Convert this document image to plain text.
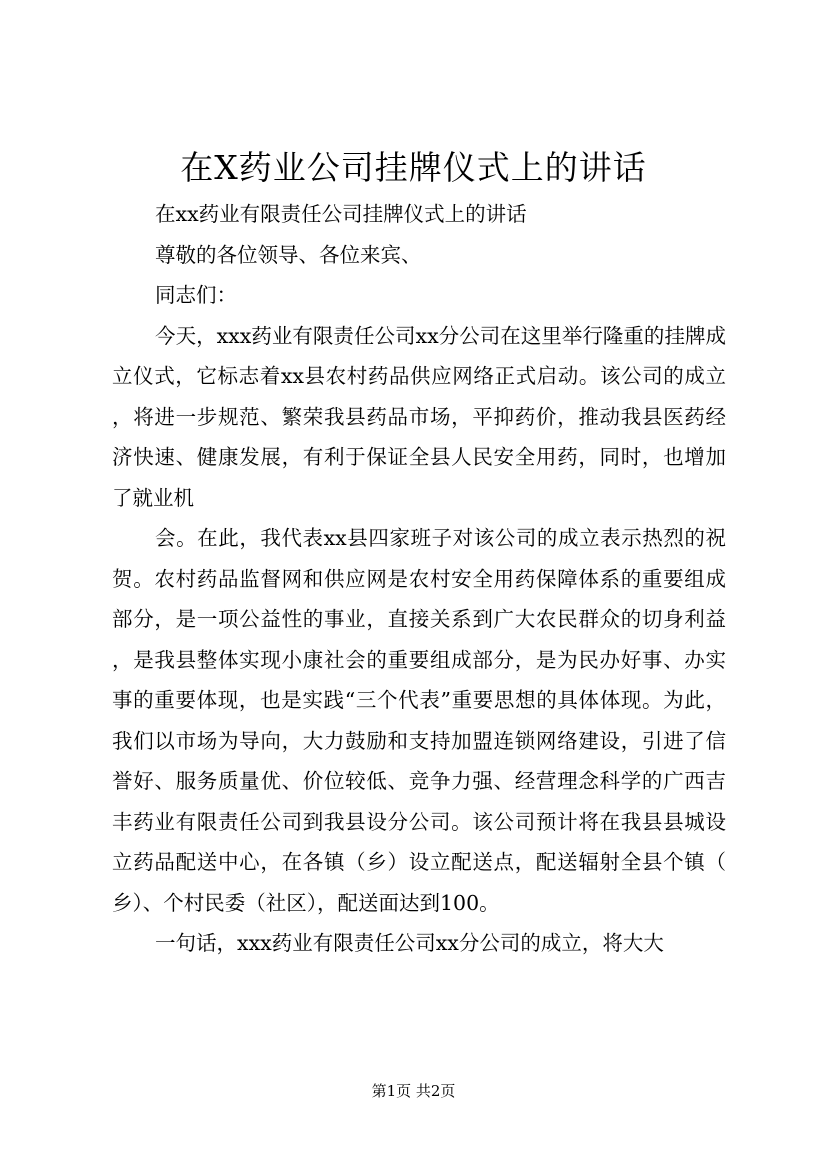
在X药业公司挂牌仪式上的讲话

在xx药业有限责任公司挂牌仪式上的讲话

尊敬的各位领导、各位来宾、

同志们：

今天，xxx药业有限责任公司xx分公司在这里举行隆重的挂牌成立仪式，它标志着xx县农村药品供应网络正式启动。该公司的成立，将进一步规范、繁荣我县药品市场，平抑药价，推动我县医药经济快速、健康发展，有利于保证全县人民安全用药，同时，也增加了就业机

会。在此，我代表xx县四家班子对该公司的成立表示热烈的祝贺。农村药品监督网和供应网是农村安全用药保障体系的重要组成部分，是一项公益性的事业，直接关系到广大农民群众的切身利益，是我县整体实现小康社会的重要组成部分，是为民办好事、办实事的重要体现，也是实践“三个代表”重要思想的具体体现。为此，我们以市场为导向，大力鼓励和支持加盟连锁网络建设，引进了信誉好、服务质量优、价位较低、竞争力强、经营理念科学的广西吉丰药业有限责任公司到我县设分公司。该公司预计将在我县县城设立药品配送中心，在各镇（乡）设立配送点，配送辐射全县个镇（乡）、个村民委（社区），配送面达到100。

一句话，xxx药业有限责任公司xx分公司的成立，将大大

第1页 共2页
